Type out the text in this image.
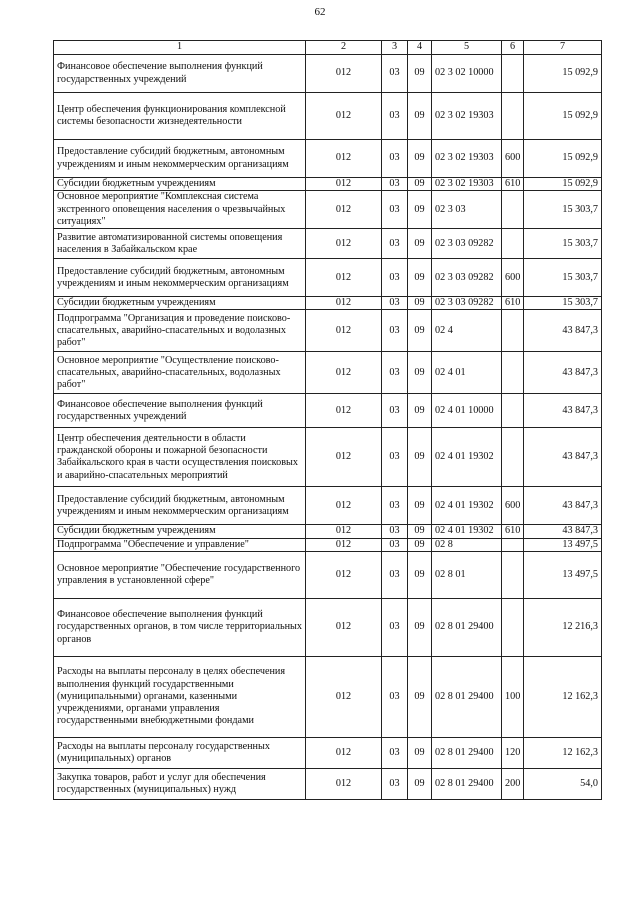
62
1	2	3	4	5	6	7
Финансовое обеспечение выполнения функций государственных учреждений	012	03	09	02 3 02 10000		15 092,9
Центр обеспечения функционирования комплексной системы безопасности жизнедеятельности	012	03	09	02 3 02 19303		15 092,9
Предоставление субсидий бюджетным, автономным учреждениям и иным некоммерческим организациям	012	03	09	02 3 02 19303	600	15 092,9
Субсидии бюджетным учреждениям	012	03	09	02 3 02 19303	610	15 092,9
Основное мероприятие "Комплексная система экстренного оповещения населения о чрезвычайных ситуациях"	012	03	09	02 3 03		15 303,7
Развитие автоматизированной системы оповещения населения в Забайкальском крае	012	03	09	02 3 03 09282		15 303,7
Предоставление субсидий бюджетным, автономным учреждениям и иным некоммерческим организациям	012	03	09	02 3 03 09282	600	15 303,7
Субсидии бюджетным учреждениям	012	03	09	02 3 03 09282	610	15 303,7
Подпрограмма "Организация и проведение поисково-спасательных, аварийно-спасательных и водолазных работ"	012	03	09	02 4		43 847,3
Основное мероприятие "Осуществление поисково-спасательных, аварийно-спасательных, водолазных работ"	012	03	09	02 4 01		43 847,3
Финансовое обеспечение выполнения функций государственных учреждений	012	03	09	02 4 01 10000		43 847,3
Центр обеспечения деятельности в области гражданской обороны и пожарной безопасности Забайкальского края в части осуществления поисковых и аварийно-спасательных мероприятий	012	03	09	02 4 01 19302		43 847,3
Предоставление субсидий бюджетным, автономным учреждениям и иным некоммерческим организациям	012	03	09	02 4 01 19302	600	43 847,3
Субсидии бюджетным учреждениям	012	03	09	02 4 01 19302	610	43 847,3
Подпрограмма "Обеспечение и управление"	012	03	09	02 8		13 497,5
Основное мероприятие "Обеспечение государственного управления в установленной сфере"	012	03	09	02 8 01		13 497,5
Финансовое обеспечение выполнения функций государственных органов, в том числе территориальных органов	012	03	09	02 8 01 29400		12 216,3
Расходы на выплаты персоналу в целях обеспечения выполнения функций государственными (муниципальными) органами, казенными учреждениями, органами управления государственными внебюджетными фондами	012	03	09	02 8 01 29400	100	12 162,3
Расходы на выплаты персоналу государственных (муниципальных) органов	012	03	09	02 8 01 29400	120	12 162,3
Закупка товаров, работ и услуг для обеспечения государственных (муниципальных) нужд	012	03	09	02 8 01 29400	200	54,0
